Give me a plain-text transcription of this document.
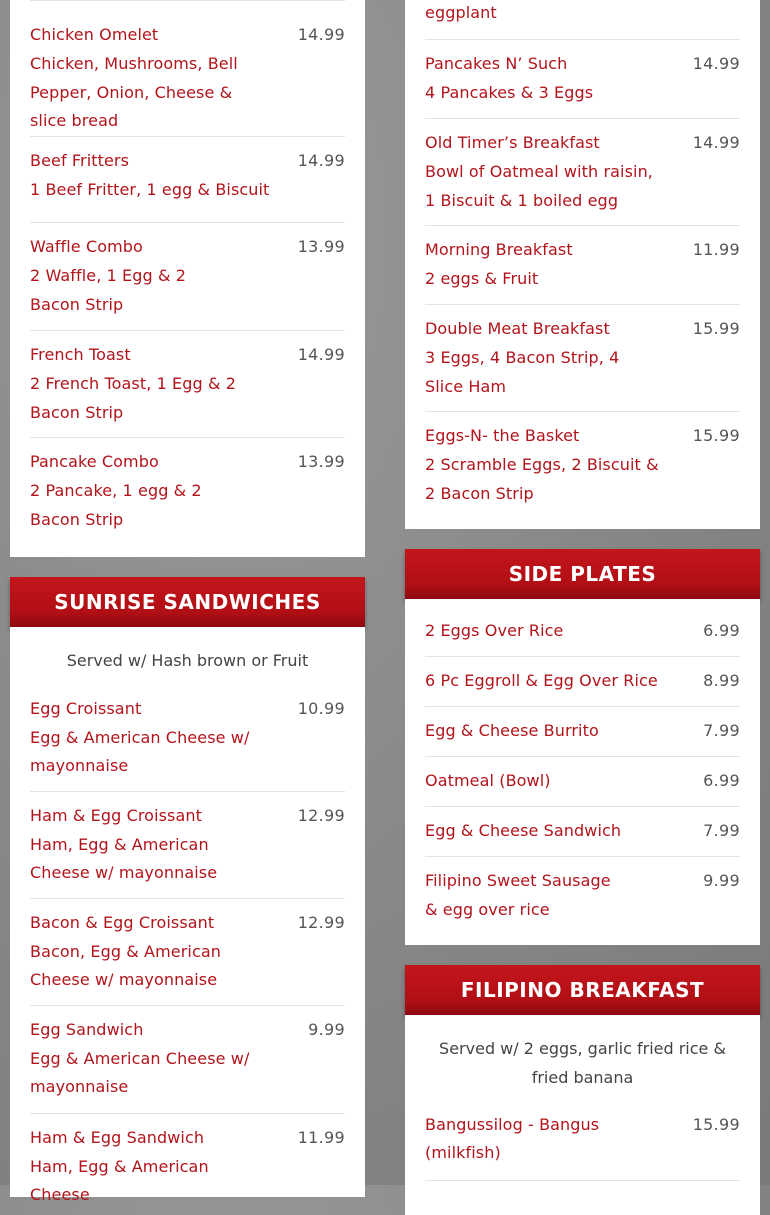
14.99
Chicken Omelet
Chicken, Mushrooms, Bell Pepper, Onion, Cheese & slice bread
14.99
Beef Fritters
1 Beef Fritter, 1 egg & Biscuit
13.99
Waffle Combo
2 Waffle, 1 Egg & 2 Bacon Strip
14.99
French Toast
2 French Toast, 1 Egg & 2 Bacon Strip
13.99
Pancake Combo
2 Pancake, 1 egg & 2 Bacon Strip
SUNRISE SANDWICHES
Served w/ Hash brown or Fruit
10.99
Egg Croissant
Egg & American Cheese w/ mayonnaise
12.99
Ham & Egg Croissant
Ham, Egg & American Cheese w/ mayonnaise
12.99
Bacon & Egg Croissant
Bacon, Egg & American Cheese w/ mayonnaise
9.99
Egg Sandwich
Egg & American Cheese w/ mayonnaise
11.99
Ham & Egg Sandwich
Ham, Egg & American Cheese
eggplant
14.99
Pancakes N’ Such
4 Pancakes & 3 Eggs
14.99
Old Timer’s Breakfast
Bowl of Oatmeal with raisin, 1 Biscuit & 1 boiled egg
11.99
Morning Breakfast
2 eggs & Fruit
15.99
Double Meat Breakfast
3 Eggs, 4 Bacon Strip, 4 Slice Ham
15.99
Eggs-N- the Basket
2 Scramble Eggs, 2 Biscuit & 2 Bacon Strip
SIDE PLATES
6.99
2 Eggs Over Rice
8.99
6 Pc Eggroll & Egg Over Rice
7.99
Egg & Cheese Burrito
6.99
Oatmeal (Bowl)
7.99
Egg & Cheese Sandwich
9.99
Filipino Sweet Sausage & egg over rice
FILIPINO BREAKFAST
Served w/ 2 eggs, garlic fried rice & fried banana
15.99
Bangussilog - Bangus (milkfish)
